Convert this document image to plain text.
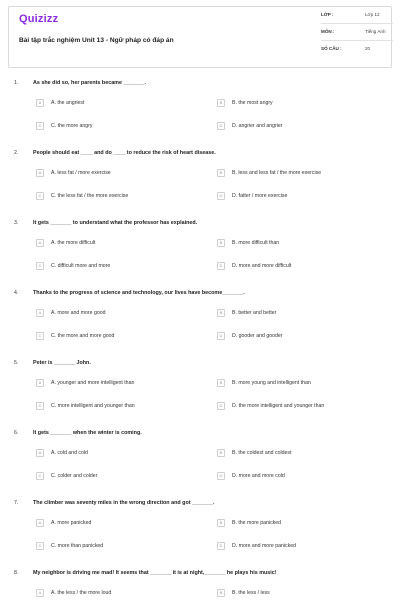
Quizizz
Bài tập trắc nghiệm Unit 13 - Ngữ pháp có đáp án
LỚP :	Lớp 12
MÔN :	Tiếng Anh
SỐ CÂU :	20
1.	As she did so, her parents became _______.
A	A. the angriest	B	B. the most angry
C	C. the more angry	D	D. angrier and angrier
2.	People should eat ____ and do ____ to reduce the risk of heart disease.
A	A. less fat / more exercise	B	B. less and less fat / the more exercise
C	C. the less fat / the more exercise	D	D. fatter / more exercise
3.	It gets _______ to understand what the professor has explained.
A	A. the more difficult	B	B. more difficult than
C	C. difficult more and more	D	D. more and more difficult
4.	Thanks to the progress of science and technology, our lives have become_______.
A	A. more and more good	B	B. better and better
C	C. the more and more good	D	D. gooder and gooder
5.	Peter is _______ John.
A	A. younger and more intelligent than	B	B. more young and intelligent than
C	C. more intelligent and younger than	D	D. the more intelligent and younger than
6.	It gets _______ when the winter is coming.
A	A. cold and cold	B	B. the coldest and coldest
C	C. colder and colder	D	D. more and more cold
7.	The climber was seventy miles in the wrong direction and got _______.
A	A. more panicked	B	B. the more panicked
C	C. more than panicked	D	D. more and more panicked
8.	My neighbor is driving me mad! It seems that _______ it is at night,_______ he plays his music!
A	A. the less / the more loud	B	B. the less / less
